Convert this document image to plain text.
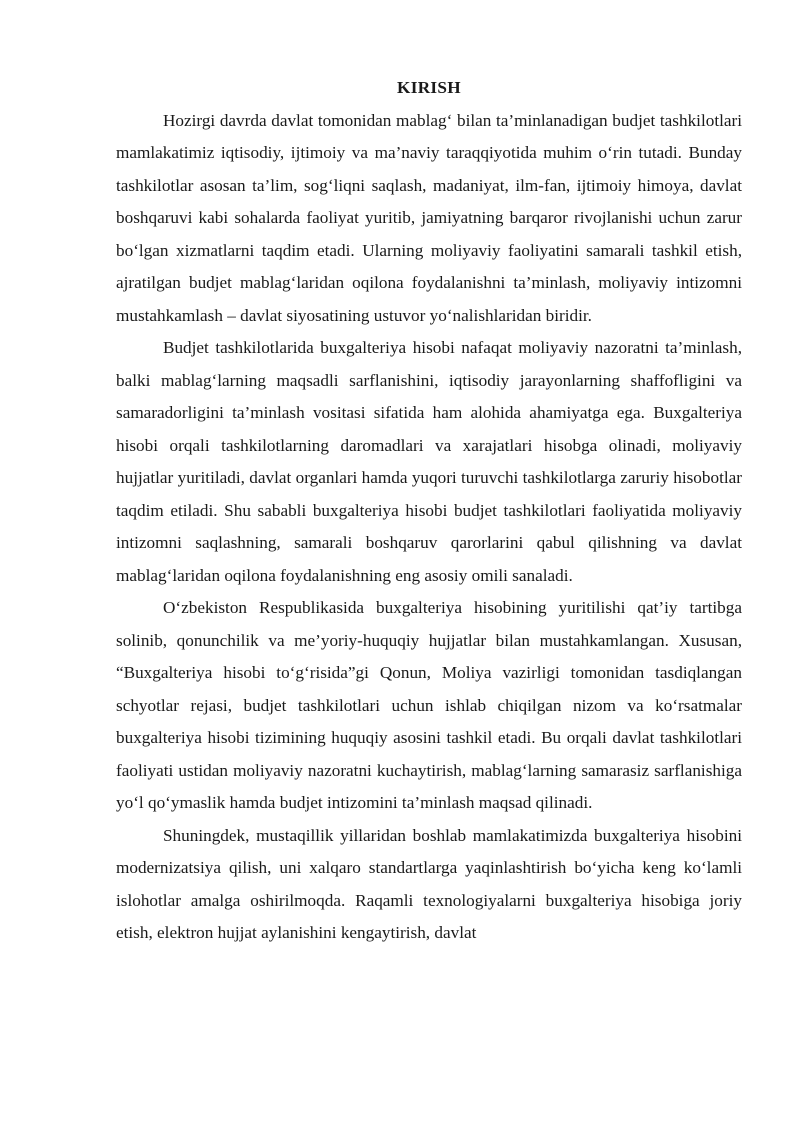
KIRISH

Hozirgi davrda davlat tomonidan mablag‘ bilan ta’minlanadigan budjet tashkilotlari mamlakatimiz iqtisodiy, ijtimoiy va ma’naviy taraqqiyotida muhim o‘rin tutadi. Bunday tashkilotlar asosan ta’lim, sog‘liqni saqlash, madaniyat, ilm-fan, ijtimoiy himoya, davlat boshqaruvi kabi sohalarda faoliyat yuritib, jamiyatning barqaror rivojlanishi uchun zarur bo‘lgan xizmatlarni taqdim etadi. Ularning moliyaviy faoliyatini samarali tashkil etish, ajratilgan budjet mablag‘laridan oqilona foydalanishni ta’minlash, moliyaviy intizomni mustahkamlash – davlat siyosatining ustuvor yo‘nalishlaridan biridir.

Budjet tashkilotlarida buxgalteriya hisobi nafaqat moliyaviy nazoratni ta’minlash, balki mablag‘larning maqsadli sarflanishini, iqtisodiy jarayonlarning shaffofligini va samaradorligini ta’minlash vositasi sifatida ham alohida ahamiyatga ega. Buxgalteriya hisobi orqali tashkilotlarning daromadlari va xarajatlari hisobga olinadi, moliyaviy hujjatlar yuritiladi, davlat organlari hamda yuqori turuvchi tashkilotlarga zaruriy hisobotlar taqdim etiladi. Shu sababli buxgalteriya hisobi budjet tashkilotlari faoliyatida moliyaviy intizomni saqlashning, samarali boshqaruv qarorlarini qabul qilishning va davlat mablag‘laridan oqilona foydalanishning eng asosiy omili sanaladi.

O‘zbekiston Respublikasida buxgalteriya hisobining yuritilishi qat’iy tartibga solinib, qonunchilik va me’yoriy-huquqiy hujjatlar bilan mustahkamlangan. Xususan, “Buxgalteriya hisobi to‘g‘risida”gi Qonun, Moliya vazirligi tomonidan tasdiqlangan schyotlar rejasi, budjet tashkilotlari uchun ishlab chiqilgan nizom va ko‘rsatmalar buxgalteriya hisobi tizimining huquqiy asosini tashkil etadi. Bu orqali davlat tashkilotlari faoliyati ustidan moliyaviy nazoratni kuchaytirish, mablag‘larning samarasiz sarflanishiga yo‘l qo‘ymaslik hamda budjet intizomini ta’minlash maqsad qilinadi.

Shuningdek, mustaqillik yillaridan boshlab mamlakatimizda buxgalteriya hisobini modernizatsiya qilish, uni xalqaro standartlarga yaqinlashtirish bo‘yicha keng ko‘lamli islohotlar amalga oshirilmoqda. Raqamli texnologiyalarni buxgalteriya hisobiga joriy etish, elektron hujjat aylanishini kengaytirish, davlat
